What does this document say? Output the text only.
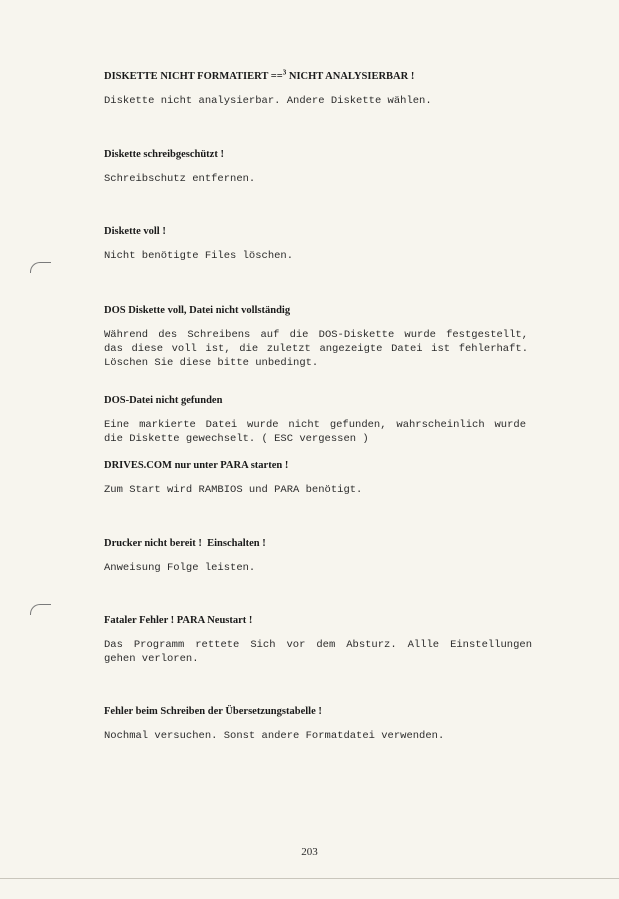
DISKETTE NICHT FORMATIERT ==$^3$ NICHT ANALYSIERBAR !
Diskette nicht analysierbar. Andere Diskette wählen.
Diskette schreibgeschützt !
Schreibschutz entfernen.
Diskette voll !
Nicht benötigte Files löschen.
DOS Diskette voll, Datei nicht vollständig
Während des Schreibens auf die DOS-Diskette wurde festgestellt,
das diese voll ist, die zuletzt angezeigte Datei ist fehlerhaft.
Löschen Sie diese bitte unbedingt.
DOS-Datei nicht gefunden
Eine markierte Datei wurde nicht gefunden, wahrscheinlich wurde
die Diskette gewechselt. ( ESC vergessen )
DRIVES.COM nur unter PARA starten !
Zum Start wird RAMBIOS und PARA benötigt.
Drucker nicht bereit !  Einschalten !
Anweisung Folge leisten.
Fataler Fehler ! PARA Neustart !
Das Programm rettete Sich vor dem Absturz. Allle Einstellungen
gehen verloren.
Fehler beim Schreiben der Übersetzungstabelle !
Nochmal versuchen. Sonst andere Formatdatei verwenden.
203
